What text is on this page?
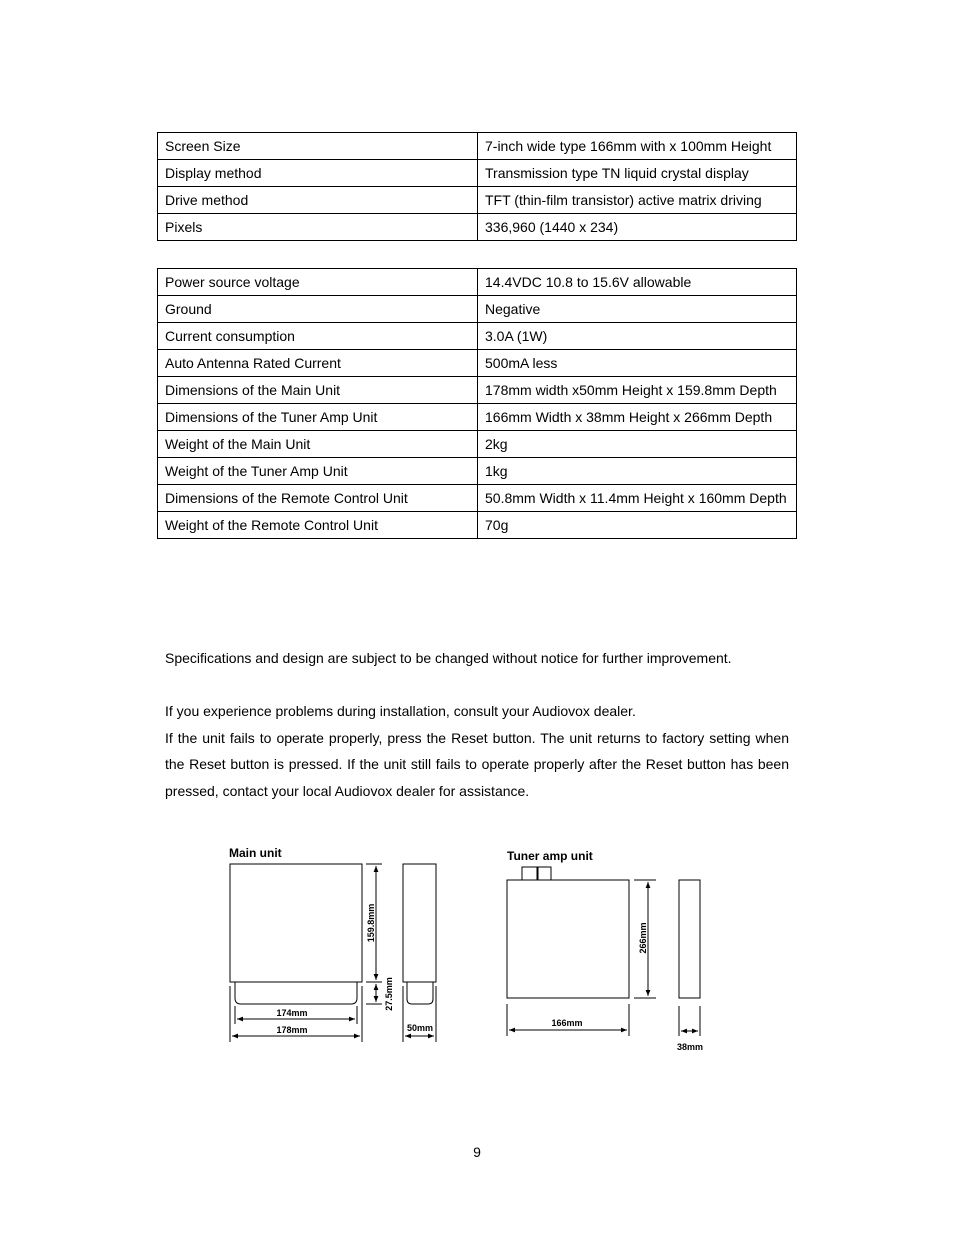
Screen Size	7-inch wide type 166mm with x 100mm Height
Display method	Transmission type TN liquid crystal display
Drive method	TFT (thin-film transistor) active matrix driving
Pixels	336,960 (1440 x 234)
Power source voltage	14.4VDC 10.8 to 15.6V allowable
Ground	Negative
Current consumption	3.0A (1W)
Auto Antenna Rated Current	500mA less
Dimensions of the Main Unit	178mm width x50mm Height x 159.8mm Depth
Dimensions of the Tuner Amp Unit	166mm Width x 38mm Height x 266mm Depth
Weight of the Main Unit	2kg
Weight of the Tuner Amp Unit	1kg
Dimensions of the Remote Control Unit	50.8mm Width x 11.4mm Height x 160mm Depth
Weight of the Remote Control Unit	70g

Specifications and design are subject to be changed without notice for further improvement.

If you experience problems during installation, consult your Audiovox dealer.
If the unit fails to operate properly, press the Reset button. The unit returns to factory setting when the Reset button is pressed. If the unit still fails to operate properly after the Reset button has been pressed, contact your local Audiovox dealer for assistance.

Main unit
159.8mm
27.5mm
174mm
178mm	50mm
Tuner amp unit
266mm
166mm
38mm
9
